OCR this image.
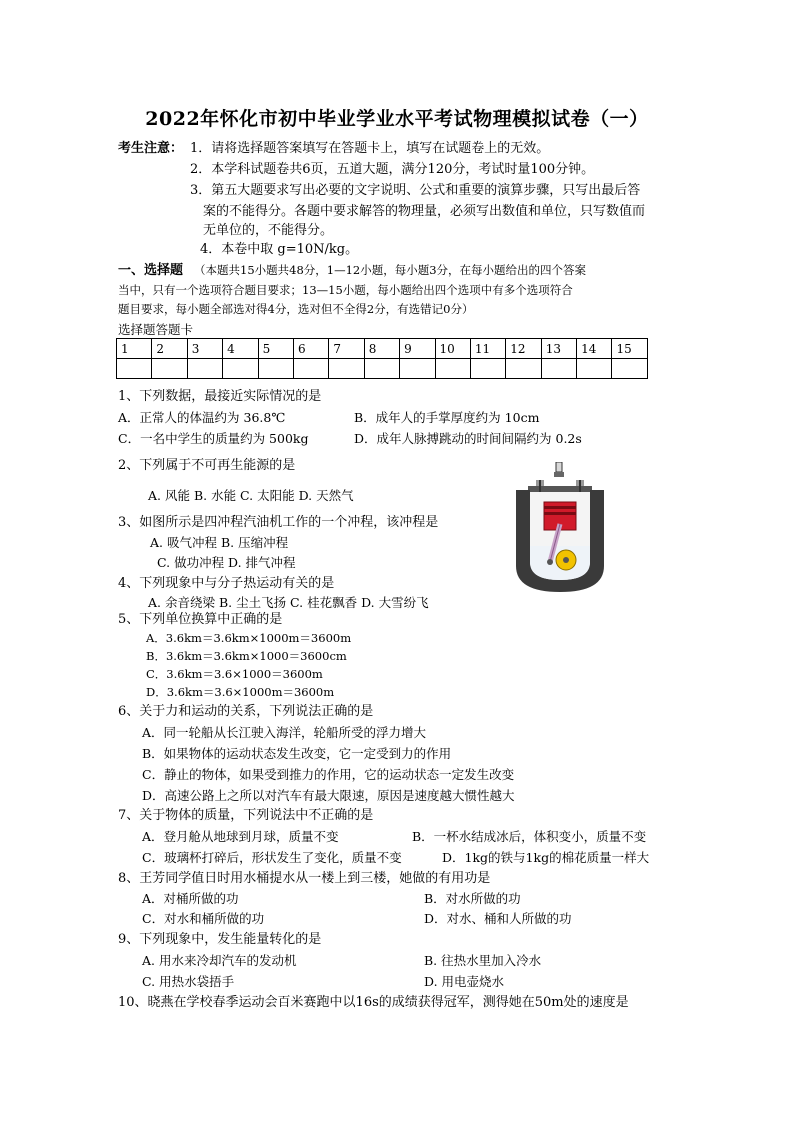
2022年怀化市初中毕业学业水平考试物理模拟试卷（一）
考生注意： 1．请将选择题答案填写在答题卡上，填写在试题卷上的无效。
2．本学科试题卷共6页，五道大题，满分120分，考试时量100分钟。
3．第五大题要求写出必要的文字说明、公式和重要的演算步骤，只写出最后答
案的不能得分。各题中要求解答的物理量，必须写出数值和单位，只写数值而
无单位的，不能得分。
4．本卷中取 g=10N/kg。
一、选择题 （本题共15小题共48分，1—12小题，每小题3分，在每小题给出的四个答案
当中，只有一个选项符合题目要求；13—15小题，每小题给出四个选项中有多个选项符合
题目要求，每小题全部选对得4分，选对但不全得2分，有选错记0分）
选择题答题卡
1	2	3	4	5	6	7	8	9	10	11	12	13	14	15

1、下列数据，最接近实际情况的是
A．正常人的体温约为 36.8℃	B．成年人的手掌厚度约为 10cm
C．一名中学生的质量约为 500kg	D．成年人脉搏跳动的时间间隔约为 0.2s
2、下列属于不可再生能源的是
A. 风能 B. 水能 C. 太阳能 D. 天然气
3、如图所示是四冲程汽油机工作的一个冲程，该冲程是
A. 吸气冲程 B. 压缩冲程
C. 做功冲程 D. 排气冲程
4、下列现象中与分子热运动有关的是
A. 余音绕梁 B. 尘土飞扬 C. 桂花飘香 D. 大雪纷飞
5、下列单位换算中正确的是
A．3.6km＝3.6km×1000m＝3600m
B．3.6km＝3.6km×1000＝3600cm
C．3.6km＝3.6×1000＝3600m
D．3.6km＝3.6×1000m＝3600m
6、关于力和运动的关系，下列说法正确的是
A．同一轮船从长江驶入海洋，轮船所受的浮力增大
B．如果物体的运动状态发生改变，它一定受到力的作用
C．静止的物体，如果受到推力的作用，它的运动状态一定发生改变
D．高速公路上之所以对汽车有最大限速，原因是速度越大惯性越大
7、关于物体的质量，下列说法中不正确的是
A．登月舱从地球到月球，质量不变	B．一杯水结成冰后，体积变小，质量不变
C．玻璃杯打碎后，形状发生了变化，质量不变	D．1kg的铁与1kg的棉花质量一样大
8、王芳同学值日时用水桶提水从一楼上到三楼，她做的有用功是
A．对桶所做的功	B．对水所做的功
C．对水和桶所做的功	D．对水、桶和人所做的功
9、下列现象中，发生能量转化的是
A. 用水来冷却汽车的发动机	B. 往热水里加入冷水
C. 用热水袋捂手	D. 用电壶烧水
10、晓燕在学校春季运动会百米赛跑中以16s的成绩获得冠军，测得她在50m处的速度是
